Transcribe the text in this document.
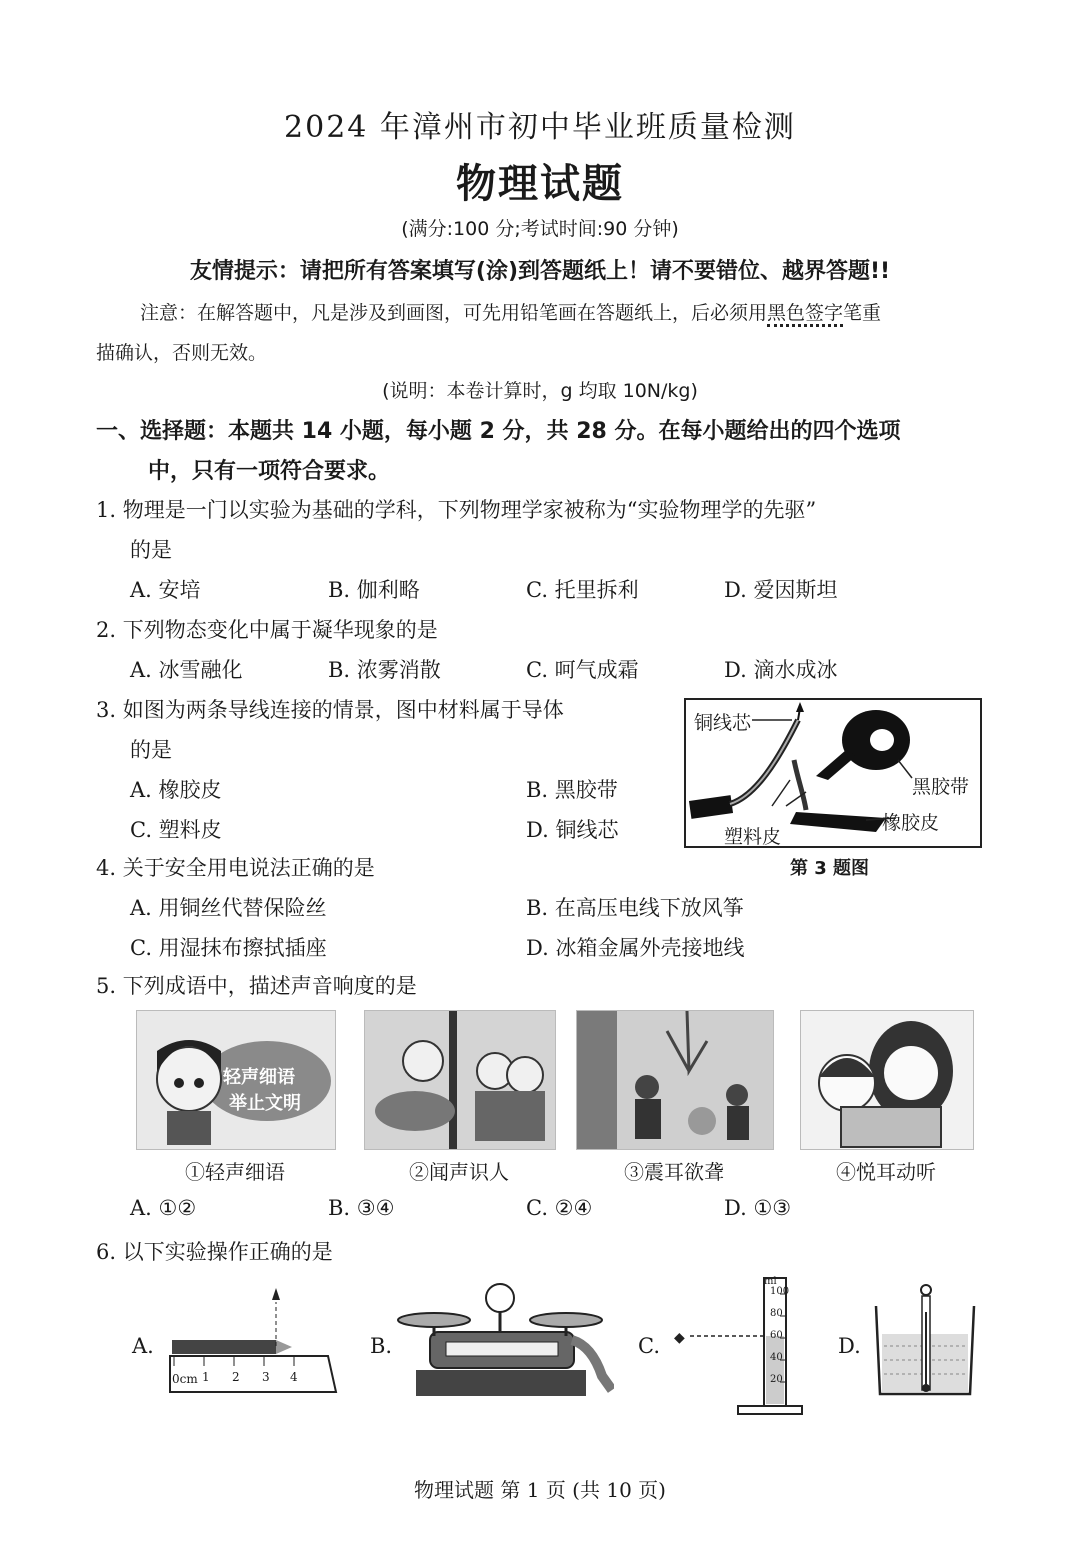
2024 年漳州市初中毕业班质量检测
物理试题
(满分:100 分;考试时间:90 分钟)
友情提示：请把所有答案填写(涂)到答题纸上！请不要错位、越界答题!!
注意：在解答题中，凡是涉及到画图，可先用铅笔画在答题纸上，后必须用黑色签字笔重
描确认，否则无效。
(说明：本卷计算时，g 均取 10N/kg)
一、选择题：本题共 14 小题，每小题 2 分，共 28 分。在每小题给出的四个选项
中，只有一项符合要求。
1. 物理是一门以实验为基础的学科，下列物理学家被称为“实验物理学的先驱”
的是
A. 安培	B. 伽利略	C. 托里拆利	D. 爱因斯坦
2. 下列物态变化中属于凝华现象的是
A. 冰雪融化	B. 浓雾消散	C. 呵气成霜	D. 滴水成冰
3. 如图为两条导线连接的情景，图中材料属于导体
的是
A. 橡胶皮	B. 黑胶带
C. 塑料皮	D. 铜线芯
铜线芯
黑胶带
塑料皮
橡胶皮
第 3 题图
4. 关于安全用电说法正确的是
A. 用铜丝代替保险丝	B. 在高压电线下放风筝
C. 用湿抹布擦拭插座	D. 冰箱金属外壳接地线
5. 下列成语中，描述声音响度的是
轻声细语
举止文明
①轻声细语	②闻声识人	③震耳欲聋	④悦耳动听
A. ①②	B. ③④	C. ②④	D. ①③
6. 以下实验操作正确的是
A.
0cm 1 2 3 4
B.	C. ◆
ml
100
80
60
40
20
D.
物理试题 第 1 页 (共 10 页)
